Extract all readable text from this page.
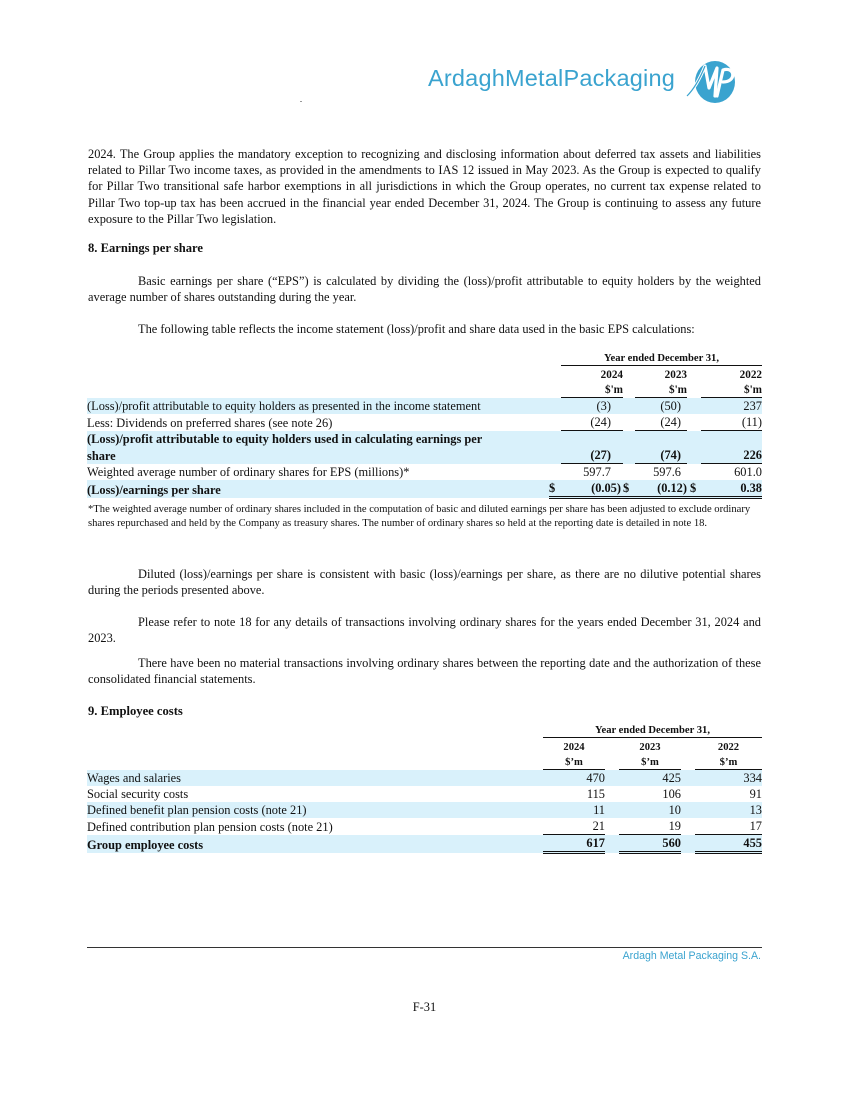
ArdaghMetalPackaging

2024. The Group applies the mandatory exception to recognizing and disclosing information about deferred tax assets and liabilities related to Pillar Two income taxes, as provided in the amendments to IAS 12 issued in May 2023. As the Group is expected to qualify for Pillar Two transitional safe harbor exemptions in all jurisdictions in which the Group operates, no current tax expense related to Pillar Two top-up tax has been accrued in the financial year ended December 31, 2024. The Group is continuing to assess any future exposure to the Pillar Two legislation.

8. Earnings per share

Basic earnings per share (“EPS”) is calculated by dividing the (loss)/profit attributable to equity holders by the weighted average number of shares outstanding during the year.

The following table reflects the income statement (loss)/profit and share data used in the basic EPS calculations:

		Year ended December 31,				
		2024		2023		2022
		$'m		$'m		$'m
(Loss)/profit attributable to equity holders as presented in the income statement		(3)		(50)		237
Less: Dividends on preferred shares (see note 26)		(24)		(24)		(11)
(Loss)/profit attributable to equity holders used in calculating earnings per						
share		(27)		(74)		226
Weighted average number of ordinary shares for EPS (millions)*		597.7		597.6		601.0
(Loss)/earnings per share	$	(0.05)	$	(0.12)	$	0.38

*The weighted average number of ordinary shares included in the computation of basic and diluted earnings per share has been adjusted to exclude ordinary shares repurchased and held by the Company as treasury shares. The number of ordinary shares so held at the reporting date is detailed in note 18.

Diluted (loss)/earnings per share is consistent with basic (loss)/earnings per share, as there are no dilutive potential shares during the periods presented above.

Please refer to note 18 for any details of transactions involving ordinary shares for the years ended December 31, 2024 and 2023.

There have been no material transactions involving ordinary shares between the reporting date and the authorization of these consolidated financial statements.

9. Employee costs

	Year ended December 31,				
	2024		2023		2022
	$’m		$’m		$’m
Wages and salaries	470		425		334
Social security costs	115		106		91
Defined benefit plan pension costs (note 21)	11		10		13
Defined contribution plan pension costs (note 21)	21		19		17
Group employee costs	617		560		455
Ardagh Metal Packaging S.A.
F-31
